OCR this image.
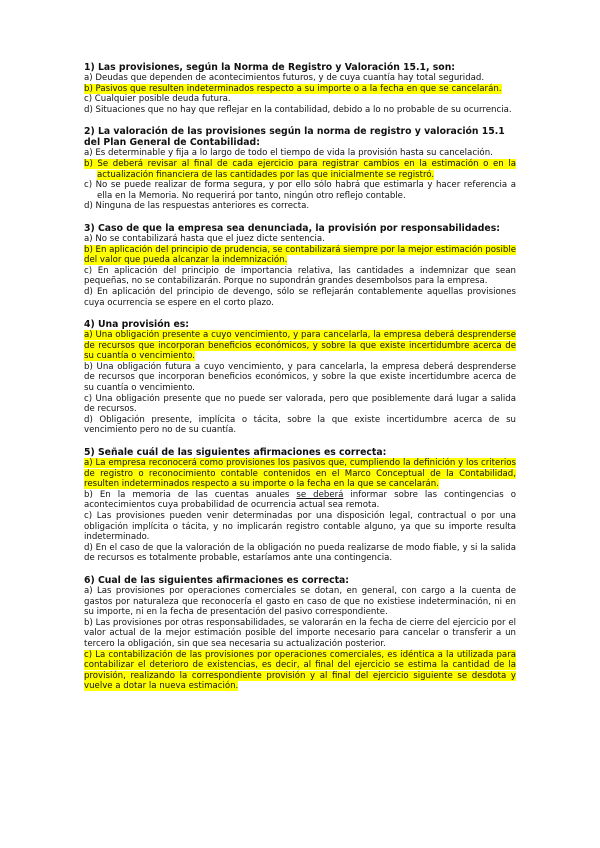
1) Las provisiones, según la Norma de Registro y Valoración 15.1, son:

a) Deudas que dependen de acontecimientos futuros, y de cuya cuantía hay total seguridad.

b) Pasivos que resulten indeterminados respecto a su importe o a la fecha en que se cancelarán.

c) Cualquier posible deuda futura.

d) Situaciones que no hay que reflejar en la contabilidad, debido a lo no probable de su ocurrencia.

2) La valoración de las provisiones según la norma de registro y valoración 15.1 del Plan General de Contabilidad:

a) Es determinable y fija a lo largo de todo el tiempo de vida la provisión hasta su cancelación.

b) Se deberá revisar al final de cada ejercicio para registrar cambios en la estimación o en la actualización financiera de las cantidades por las que inicialmente se registró.

c) No se puede realizar de forma segura, y por ello sólo habrá que estimarla y hacer referencia a ella en la Memoria. No requerirá por tanto, ningún otro reflejo contable.

d) Ninguna de las respuestas anteriores es correcta.

3) Caso de que la empresa sea denunciada, la provisión por responsabilidades:

a) No se contabilizará hasta que el juez dicte sentencia.

b) En aplicación del principio de prudencia, se contabilizará siempre por la mejor estimación posible del valor que pueda alcanzar la indemnización.

c) En aplicación del principio de importancia relativa, las cantidades a indemnizar que sean pequeñas, no se contabilizarán. Porque no supondrán grandes desembolsos para la empresa.

d) En aplicación del principio de devengo, sólo se reflejarán contablemente aquellas provisiones cuya ocurrencia se espere en el corto plazo.

4) Una provisión es:

a) Una obligación presente a cuyo vencimiento, y para cancelarla, la empresa deberá desprenderse de recursos que incorporan beneficios económicos, y sobre la que existe incertidumbre acerca de su cuantía o vencimiento.

b) Una obligación futura a cuyo vencimiento, y para cancelarla, la empresa deberá desprenderse de recursos que incorporan beneficios económicos, y sobre la que existe incertidumbre acerca de su cuantía o vencimiento.

c) Una obligación presente que no puede ser valorada, pero que posiblemente dará lugar a salida de recursos.

d) Obligación presente, implícita o tácita, sobre la que existe incertidumbre acerca de su vencimiento pero no de su cuantía.

5) Señale cuál de las siguientes afirmaciones es correcta:

a) La empresa reconocerá como provisiones los pasivos que, cumpliendo la definición y los criterios de registro o reconocimiento contable contenidos en el Marco Conceptual de la Contabilidad, resulten indeterminados respecto a su importe o la fecha en la que se cancelarán.

b) En la memoria de las cuentas anuales se deberá informar sobre las contingencias o acontecimientos cuya probabilidad de ocurrencia actual sea remota.

c) Las provisiones pueden venir determinadas por una disposición legal, contractual o por una obligación implícita o tácita, y no implicarán registro contable alguno, ya que su importe resulta indeterminado.

d) En el caso de que la valoración de la obligación no pueda realizarse de modo fiable, y si la salida de recursos es totalmente probable, estaríamos ante una contingencia.

6) Cual de las siguientes afirmaciones es correcta:

a) Las provisiones por operaciones comerciales se dotan, en general, con cargo a la cuenta de gastos por naturaleza que reconocería el gasto en caso de que no existiese indeterminación, ni en su importe, ni en la fecha de presentación del pasivo correspondiente.

b) Las provisiones por otras responsabilidades, se valorarán en la fecha de cierre del ejercicio por el valor actual de la mejor estimación posible del importe necesario para cancelar o transferir a un tercero la obligación, sin que sea necesaria su actualización posterior.

c) La contabilización de las provisiones por operaciones comerciales, es idéntica a la utilizada para contabilizar el deterioro de existencias, es decir, al final del ejercicio se estima la cantidad de la provisión, realizando la correspondiente provisión y al final del ejercicio siguiente se desdota y vuelve a dotar la nueva estimación.
